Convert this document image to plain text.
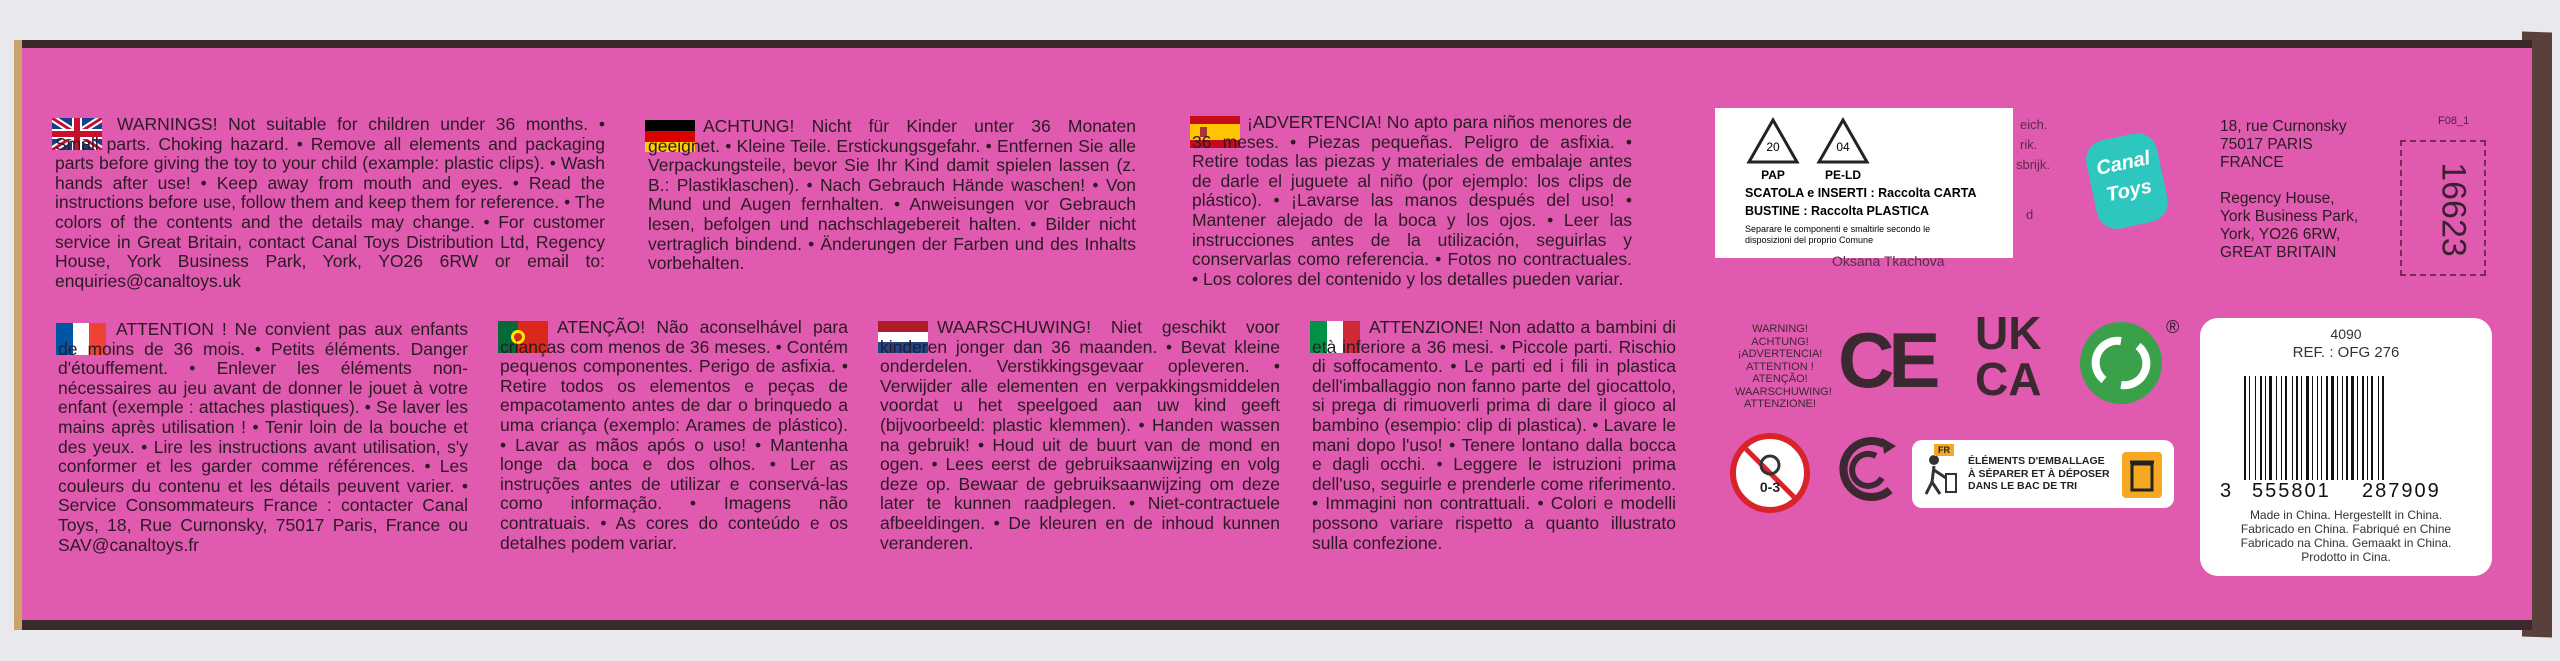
WARNINGS! Not suitable for children under 36 months. • Small parts. Choking hazard. • Remove all elements and packaging parts before giving the toy to your child (example: plastic clips). • Wash hands after use! • Keep away from mouth and eyes. • Read the instructions before use, follow them and keep them for reference. • The colors of the contents and the details may change. • For customer service in Great Britain, contact Canal Toys Distribution Ltd, Regency House, York Business Park, York, YO26 6RW or email to: enquiries@canaltoys.uk
ACHTUNG! Nicht für Kinder unter 36 Monaten geeignet. • Kleine Teile. Erstickungsgefahr. • Entfernen Sie alle Verpackungsteile, bevor Sie Ihr Kind damit spielen lassen (z. B.: Plastiklaschen). • Nach Gebrauch Hände waschen! • Von Mund und Augen fernhalten. • Anweisungen vor Gebrauch lesen, befolgen und nachschlagebereit halten. • Bilder nicht vertraglich bindend. • Änderungen der Farben und des Inhalts vorbehalten.
¡ADVERTENCIA! No apto para niños menores de 36 meses. • Piezas pequeñas. Peligro de asfixia. • Retire todas las piezas y materiales de embalaje antes de darle el juguete al niño (por ejemplo: los clips de plástico). • ¡Lavarse las manos después del uso! • Mantener alejado de la boca y los ojos. • Leer las instrucciones antes de la utilización, seguirlas y conservarlas como referencia. • Fotos no contractuales. • Los colores del contenido y los detalles pueden variar.
ATTENTION ! Ne convient pas aux enfants de moins de 36 mois. • Petits éléments. Danger d'étouffement. • Enlever les éléments non-nécessaires au jeu avant de donner le jouet à votre enfant (exemple : attaches plastiques). • Se laver les mains après utilisation ! • Tenir loin de la bouche et des yeux. • Lire les instructions avant utilisation, s'y conformer et les garder comme références. • Les couleurs du contenu et les détails peuvent varier. • Service Consommateurs France : contacter Canal Toys, 18, Rue Curnonsky, 75017 Paris, France ou SAV@canaltoys.fr
ATENÇÃO! Não aconselhável para crianças com menos de 36 meses. • Contém pequenos componentes. Perigo de asfixia. • Retire todos os elementos e peças de empacotamento antes de dar o brinquedo a uma criança (exemplo: Arames de plástico). • Lavar as mãos após o uso! • Mantenha longe da boca e dos olhos. • Ler as instruções antes de utilizar e conservá-las como informação. • Imagens não contratuais. • As cores do conteúdo e os detalhes podem variar.
WAARSCHUWING! Niet geschikt voor kinderen jonger dan 36 maanden. • Bevat kleine onderdelen. Verstikkingsgevaar opleveren. • Verwijder alle elementen en verpakkingsmiddelen voordat u het speelgoed aan uw kind geeft (bijvoorbeeld: plastic klemmen). • Handen wassen na gebruik! • Houd uit de buurt van de mond en ogen. • Lees eerst de gebruiksaanwijzing en volg deze op. Bewaar de gebruiksaanwijzing om deze later te kunnen raadplegen. • Niet-contractuele afbeeldingen. • De kleuren en de inhoud kunnen veranderen.
ATTENZIONE! Non adatto a bambini di età inferiore a 36 mesi. • Piccole parti. Rischio di soffocamento. • Le parti ed i fili in plastica dell'imballaggio non fanno parte del giocattolo, si prega di rimuoverli prima di dare il gioco al bambino (esempio: clip di plastica). • Lavare le mani dopo l'uso! • Tenere lontano dalla bocca e dagli occhi. • Leggere le istruzioni prima dell'uso, seguirle e prenderle come riferimento. • Immagini non contrattuali. • Colori e modelli possono variare rispetto a quanto illustrato sulla confezione.
20
PAP
04
PE-LD
SCATOLA e INSERTI : Raccolta CARTA
BUSTINE : Raccolta PLASTICA
Separare le componenti e smaltirle secondo le disposizioni del proprio Comune
eich.
rik.
sbrijk.
d
Oksana Tkachova
Canal
Toys
18, rue Curnonsky
75017 PARIS
FRANCE
Regency House,
York Business Park,
York, YO26 6RW,
GREAT BRITAIN
F08_1
16623
WARNING!
ACHTUNG!
¡ADVERTENCIA!
ATTENTION !
ATENÇÃO!
WAARSCHUWING!
ATTENZIONE! CE UK
CA
®
0-3
FR
ÉLÉMENTS D'EMBALLAGE
À SÉPARER ET À DÉPOSER
DANS LE BAC DE TRI
4090
REF. : OFG 276
3 555801 287909
Made in China. Hergestellt in China.
Fabricado en China. Fabriqué en Chine
Fabricado na China. Gemaakt in China.
Prodotto in Cina.
